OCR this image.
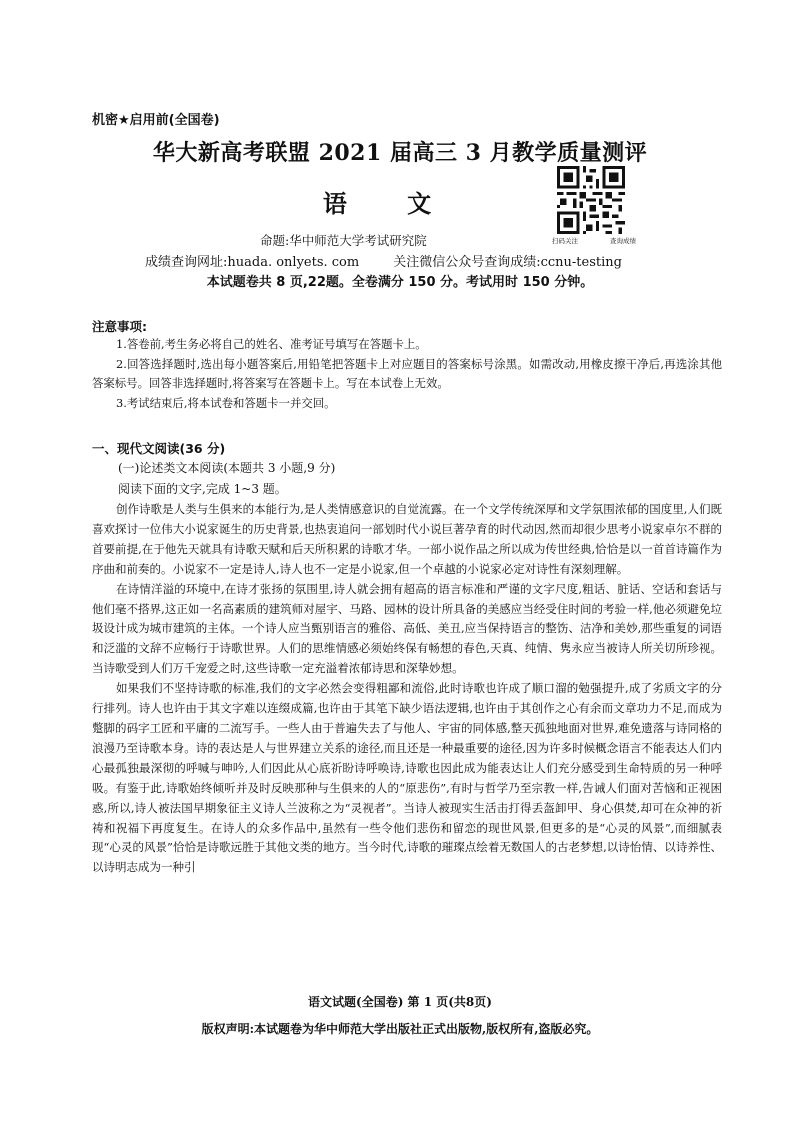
机密★启用前(全国卷)
华大新高考联盟 2021 届高三 3 月教学质量测评
语 文
扫码关注	查询成绩
命题:华中师范大学考试研究院
成绩查询网址:huada. onlyets. com	关注微信公众号查询成绩:ccnu-testing
本试题卷共 8 页,22题。全卷满分 150 分。考试用时 150 分钟。
注意事项:

1.答卷前,考生务必将自己的姓名、准考证号填写在答题卡上。

2.回答选择题时,选出每小题答案后,用铅笔把答题卡上对应题目的答案标号涂黑。如需改动,用橡皮擦干净后,再选涂其他答案标号。回答非选择题时,将答案写在答题卡上。写在本试卷上无效。

3.考试结束后,将本试卷和答题卡一并交回。

一、现代文阅读(36 分)
(一)论述类文本阅读(本题共 3 小题,9 分)
阅读下面的文字,完成 1~3 题。

创作诗歌是人类与生俱来的本能行为,是人类情感意识的自觉流露。在一个文学传统深厚和文学氛围浓郁的国度里,人们既喜欢探讨一位伟大小说家诞生的历史背景,也热衷追问一部划时代小说巨著孕育的时代动因,然而却很少思考小说家卓尔不群的首要前提,在于他先天就具有诗歌天赋和后天所积累的诗歌才华。一部小说作品之所以成为传世经典,恰恰是以一首首诗篇作为序曲和前奏的。小说家不一定是诗人,诗人也不一定是小说家,但一个卓越的小说家必定对诗性有深刻理解。

在诗情洋溢的环境中,在诗才张扬的氛围里,诗人就会拥有超高的语言标准和严谨的文字尺度,粗话、脏话、空话和套话与他们毫不搭界,这正如一名高素质的建筑师对屋宇、马路、园林的设计所具备的美感应当经受住时间的考验一样,他必须避免垃圾设计成为城市建筑的主体。一个诗人应当甄别语言的雅俗、高低、美丑,应当保持语言的整饬、洁净和美妙,那些重复的词语和泛滥的文辞不应畅行于诗歌世界。人们的思维情感必须始终保有畅想的春色,天真、纯情、隽永应当被诗人所关切所珍视。当诗歌受到人们万千宠爱之时,这些诗歌一定充溢着浓郁诗思和深挚妙想。

如果我们不坚持诗歌的标准,我们的文字必然会变得粗鄙和流俗,此时诗歌也许成了顺口溜的勉强提升,成了劣质文字的分行排列。诗人也许由于其文字难以连缀成篇,也许由于其笔下缺少语法逻辑,也许由于其创作之心有余而文章功力不足,而成为蹩脚的码字工匠和平庸的二流写手。一些人由于普遍失去了与他人、宇宙的同体感,整天孤独地面对世界,难免遗落与诗同格的浪漫乃至诗歌本身。诗的表达是人与世界建立关系的途径,而且还是一种最重要的途径,因为许多时候概念语言不能表达人们内心最孤独最深彻的呼喊与呻吟,人们因此从心底祈盼诗呼唤诗,诗歌也因此成为能表达让人们充分感受到生命特质的另一种呼吸。有鉴于此,诗歌始终倾听并及时反映那种与生俱来的人的“原悲伤”,有时与哲学乃至宗教一样,告诫人们面对苦恼和正视困惑,所以,诗人被法国早期象征主义诗人兰波称之为“灵视者”。当诗人被现实生活击打得丢盔卸甲、身心俱焚,却可在众神的祈祷和祝福下再度复生。在诗人的众多作品中,虽然有一些令他们悲伤和留恋的现世风景,但更多的是“心灵的风景”,而细腻表现“心灵的风景”恰恰是诗歌远胜于其他文类的地方。当今时代,诗歌的璀璨点绘着无数国人的古老梦想,以诗怡情、以诗养性、以诗明志成为一种引

语文试题(全国卷) 第 1 页(共8页)
版权声明:本试题卷为华中师范大学出版社正式出版物,版权所有,盗版必究。
